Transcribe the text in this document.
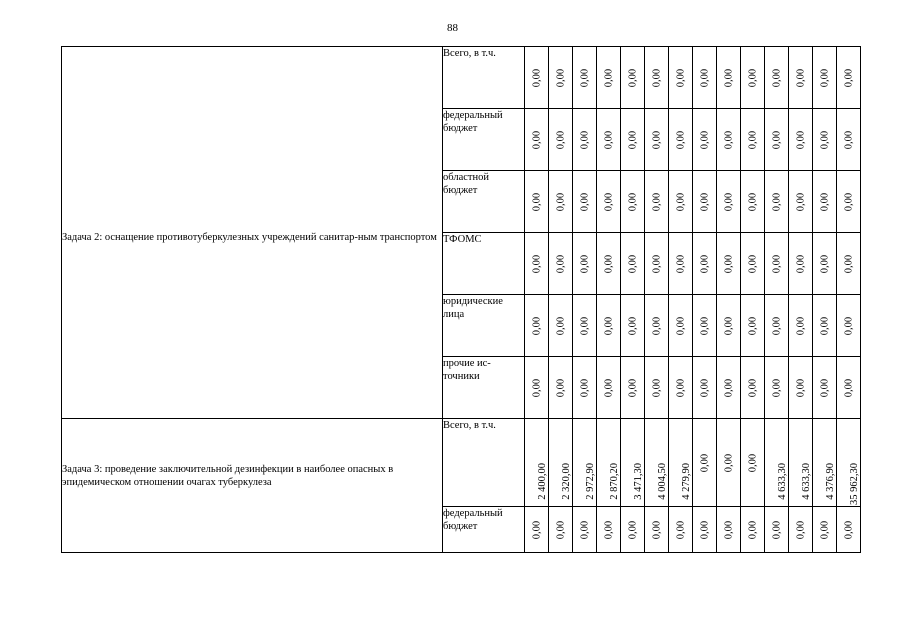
88
Задача 2: оснащение противотуберкулезных учреждений санитар-ным транспортом	Всего, в т.ч.	0,00	0,00	0,00	0,00	0,00	0,00	0,00	0,00	0,00	0,00	0,00	0,00	0,00	0,00

	федеральный бюджет	0,00	0,00	0,00	0,00	0,00	0,00	0,00	0,00	0,00	0,00	0,00	0,00	0,00	0,00

	областной бюджет	0,00	0,00	0,00	0,00	0,00	0,00	0,00	0,00	0,00	0,00	0,00	0,00	0,00	0,00

	ТФОМС	0,00	0,00	0,00	0,00	0,00	0,00	0,00	0,00	0,00	0,00	0,00	0,00	0,00	0,00

	юридические лица	0,00	0,00	0,00	0,00	0,00	0,00	0,00	0,00	0,00	0,00	0,00	0,00	0,00	0,00

	прочие ис-точники	0,00	0,00	0,00	0,00	0,00	0,00	0,00	0,00	0,00	0,00	0,00	0,00	0,00	0,00

Задача 3: проведение заключительной дезинфекции в наиболее опасных в эпидемическом отношении очагах туберкулеза	Всего, в т.ч.	2 400,00	2 320,00	2 972,90	2 870,20	3 471,30	4 004,50	4 279,90	0,00	0,00	0,00	4 633,30	4 633,30	4 376,90	35 962,30

	федеральный бюджет	0,00	0,00	0,00	0,00	0,00	0,00	0,00	0,00	0,00	0,00	0,00	0,00	0,00	0,00
